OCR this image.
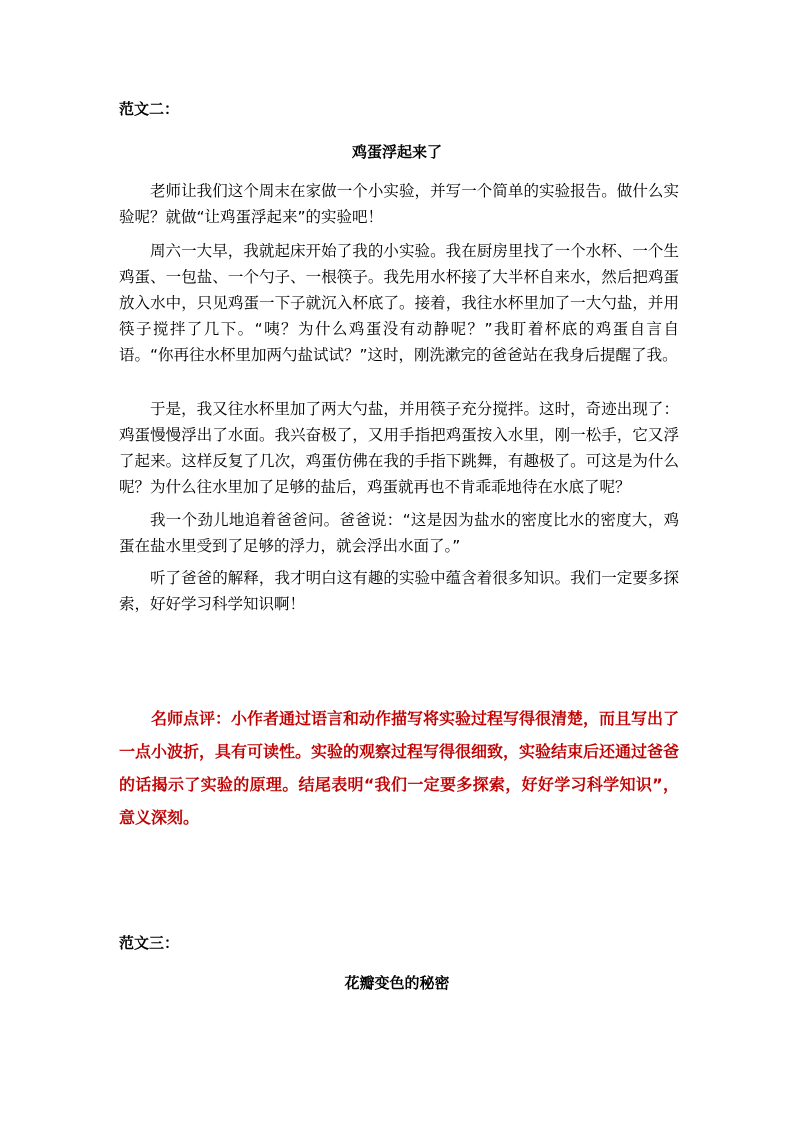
范文二：
鸡蛋浮起来了

老师让我们这个周末在家做一个小实验，并写一个简单的实验报告。做什么实验呢？就做“让鸡蛋浮起来”的实验吧！

周六一大早，我就起床开始了我的小实验。我在厨房里找了一个水杯、一个生鸡蛋、一包盐、一个勺子、一根筷子。我先用水杯接了大半杯自来水，然后把鸡蛋放入水中，只见鸡蛋一下子就沉入杯底了。接着，我往水杯里加了一大勺盐，并用筷子搅拌了几下。“咦？为什么鸡蛋没有动静呢？”我盯着杯底的鸡蛋自言自语。“你再往水杯里加两勺盐试试？”这时，刚洗漱完的爸爸站在我身后提醒了我。

于是，我又往水杯里加了两大勺盐，并用筷子充分搅拌。这时，奇迹出现了：鸡蛋慢慢浮出了水面。我兴奋极了，又用手指把鸡蛋按入水里，刚一松手，它又浮了起来。这样反复了几次，鸡蛋仿佛在我的手指下跳舞，有趣极了。可这是为什么呢？为什么往水里加了足够的盐后，鸡蛋就再也不肯乖乖地待在水底了呢？

我一个劲儿地追着爸爸问。爸爸说：“这是因为盐水的密度比水的密度大，鸡蛋在盐水里受到了足够的浮力，就会浮出水面了。”

听了爸爸的解释，我才明白这有趣的实验中蕴含着很多知识。我们一定要多探索，好好学习科学知识啊！

名师点评：小作者通过语言和动作描写将实验过程写得很清楚，而且写出了一点小波折，具有可读性。实验的观察过程写得很细致，实验结束后还通过爸爸的话揭示了实验的原理。结尾表明“我们一定要多探索，好好学习科学知识”，意义深刻。

范文三：
花瓣变色的秘密
